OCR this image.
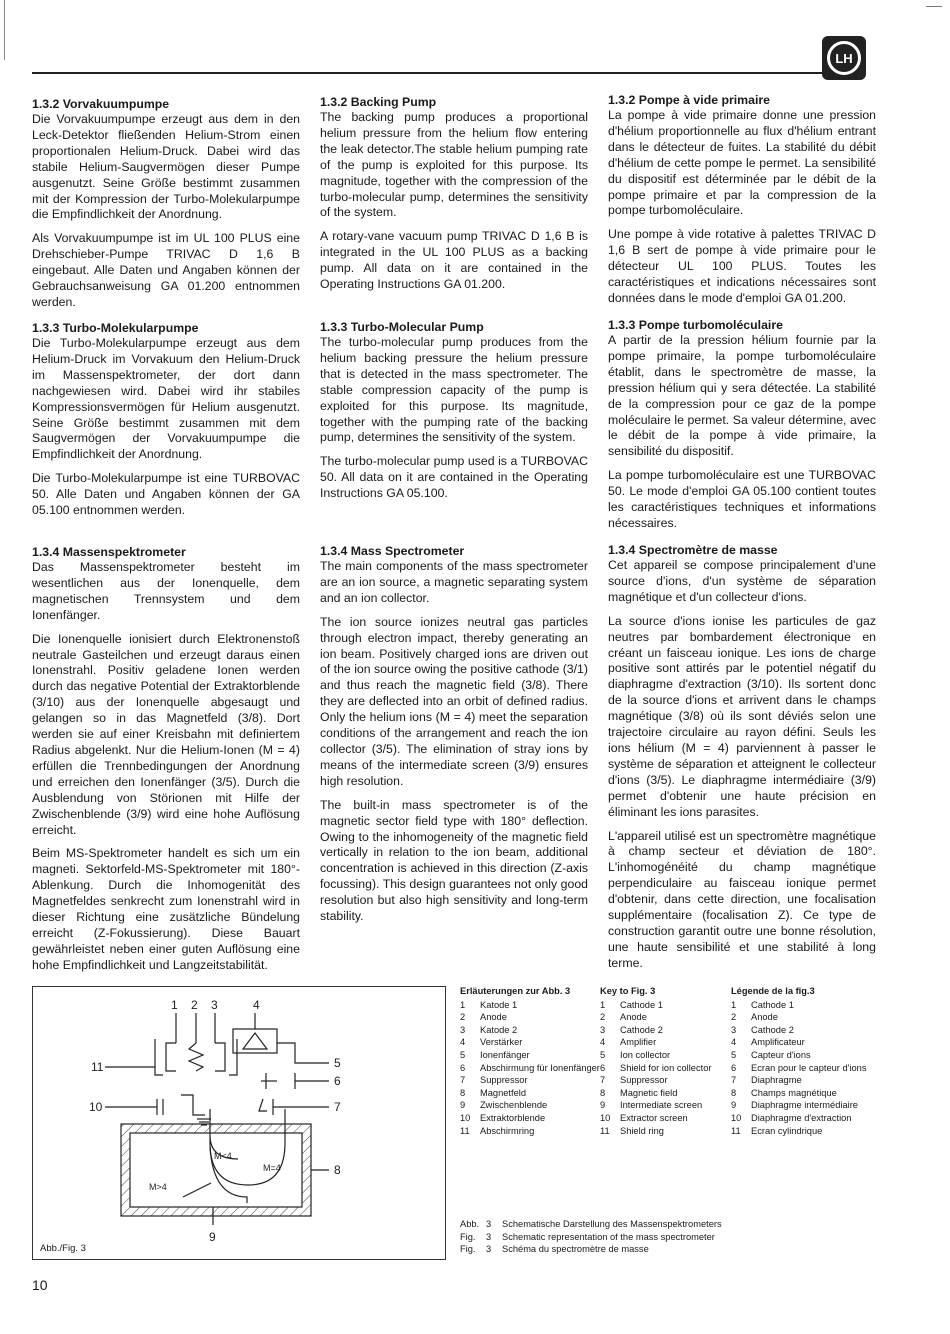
LH
1.3.2 Vorvakuumpumpe

Die Vorvakuumpumpe erzeugt aus dem in den Leck-Detektor fließenden Helium-Strom einen proportionalen Helium-Druck. Dabei wird das stabile Helium-Saugvermögen dieser Pumpe ausgenutzt. Seine Größe bestimmt zusammen mit der Kompression der Turbo-Molekularpumpe die Empfindlichkeit der Anordnung.

Als Vorvakuumpumpe ist im UL 100 PLUS eine Drehschieber-Pumpe TRIVAC D 1,6 B eingebaut. Alle Daten und Angaben können der Gebrauchsanweisung GA 01.200 entnommen werden.

1.3.3 Turbo-Molekularpumpe

Die Turbo-Molekularpumpe erzeugt aus dem Helium-Druck im Vorvakuum den Helium-Druck im Massenspektrometer, der dort dann nachgewiesen wird. Dabei wird ihr stabiles Kompressionsvermögen für Helium ausgenutzt. Seine Größe bestimmt zusammen mit dem Saugvermögen der Vorvakuumpumpe die Empfindlichkeit der Anordnung.

Die Turbo-Molekularpumpe ist eine TURBOVAC 50. Alle Daten und Angaben können der GA 05.100 entnommen werden.

1.3.4 Massenspektrometer

Das Massenspektrometer besteht im wesentlichen aus der Ionenquelle, dem magnetischen Trennsystem und dem Ionenfänger.

Die Ionenquelle ionisiert durch Elektronenstoß neutrale Gasteilchen und erzeugt daraus einen Ionenstrahl. Positiv geladene Ionen werden durch das negative Potential der Extraktorblende (3/10) aus der Ionenquelle abgesaugt und gelangen so in das Magnetfeld (3/8). Dort werden sie auf einer Kreisbahn mit definiertem Radius abgelenkt. Nur die Helium-Ionen (M = 4) erfüllen die Trennbedingungen der Anordnung und erreichen den Ionenfänger (3/5). Durch die Ausblendung von Störionen mit Hilfe der Zwischenblende (3/9) wird eine hohe Auflösung erreicht.

Beim MS-Spektrometer handelt es sich um ein magneti. Sektorfeld-MS-Spektrometer mit 180°-Ablenkung. Durch die Inhomogenität des Magnetfeldes senkrecht zum Ionenstrahl wird in dieser Richtung eine zusätzliche Bündelung erreicht (Z-Fokussierung). Diese Bauart gewährleistet neben einer guten Auflösung eine hohe Empfindlichkeit und Langzeitstabilität.

1.3.2 Backing Pump

The backing pump produces a proportional helium pressure from the helium flow entering the leak detector.The stable helium pumping rate of the pump is exploited for this purpose. Its magnitude, together with the compression of the turbo-molecular pump, determines the sensitivity of the system.

A rotary-vane vacuum pump TRIVAC D 1,6 B is integrated in the UL 100 PLUS as a backing pump. All data on it are contained in the Operating Instructions GA 01.200.

1.3.3 Turbo-Molecular Pump

The turbo-molecular pump produces from the helium backing pressure the helium pressure that is detected in the mass spectrometer. The stable compression capacity of the pump is exploited for this purpose. Its magnitude, together with the pumping rate of the backing pump, determines the sensitivity of the system.

The turbo-molecular pump used is a TURBOVAC 50. All data on it are contained in the Operating Instructions GA 05.100.

1.3.4 Mass Spectrometer

The main components of the mass spectrometer are an ion source, a magnetic separating system and an ion collector.

The ion source ionizes neutral gas particles through electron impact, thereby generating an ion beam. Positively charged ions are driven out of the ion source owing the positive cathode (3/1) and thus reach the magnetic field (3/8). There they are deflected into an orbit of defined radius. Only the helium ions (M = 4) meet the separation conditions of the arrangement and reach the ion collector (3/5). The elimination of stray ions by means of the intermediate screen (3/9) ensures high resolution.

The built-in mass spectrometer is of the magnetic sector field type with 180° deflection. Owing to the inhomogeneity of the magnetic field vertically in relation to the ion beam, additional concentration is achieved in this direction (Z-axis focussing). This design guarantees not only good resolution but also high sensitivity and long-term stability.

1.3.2 Pompe à vide primaire

La pompe à vide primaire donne une pression d'hélium proportionnelle au flux d'hélium entrant dans le détecteur de fuites. La stabilité du débit d'hélium de cette pompe le permet. La sensibilité du dispositif est déterminée par le débit de la pompe primaire et par la compression de la pompe turbomoléculaire.

Une pompe à vide rotative à palettes TRIVAC D 1,6 B sert de pompe à vide primaire pour le détecteur UL 100 PLUS. Toutes les caractéristiques et indications nécessaires sont données dans le mode d'emploi GA 01.200.

1.3.3 Pompe turbomoléculaire

A partir de la pression hélium fournie par la pompe primaire, la pompe turbomoléculaire établit, dans le spectromètre de masse, la pression hélium qui y sera détectée. La stabilité de la compression pour ce gaz de la pompe moléculaire le permet. Sa valeur détermine, avec le débit de la pompe à vide primaire, la sensibilité du dispositif.

La pompe turbomoléculaire est une TURBOVAC 50. Le mode d'emploi GA 05.100 contient toutes les caractéristiques techniques et informations nécessaires.

1.3.4 Spectromètre de masse

Cet appareil se compose principalement d'une source d'ions, d'un système de séparation magnétique et d'un collecteur d'ions.

La source d'ions ionise les particules de gaz neutres par bombardement électronique en créant un faisceau ionique. Les ions de charge positive sont attirés par le potentiel négatif du diaphragme d'extraction (3/10). Ils sortent donc de la source d'ions et arrivent dans le champs magnétique (3/8) où ils sont déviés selon une trajectoire circulaire au rayon défini. Seuls les ions hélium (M = 4) parviennent à passer le système de séparation et atteignent le collecteur d'ions (3/5). Le diaphragme intermédiaire (3/9) permet d'obtenir une haute précision en éliminant les ions parasites.

L'appareil utilisé est un spectromètre magnétique à champ secteur et déviation de 180°. L'inhomogénéité du champ magnétique perpendiculaire au faisceau ionique permet d'obtenir, dans cette direction, une focalisation supplémentaire (focalisation Z). Ce type de construction garantit outre une bonne résolution, une haute sensibilité et une stabilité à long terme.

1 2 3	4
5
6
7
8
9
10
11
M<4
M=4
M>4
Abb./Fig. 3
Erläuterungen zur Abb. 3
1	Katode 1
2	Anode
3	Katode 2
4	Verstärker
5	Ionenfänger
6	Abschirmung für Ionenfänger
7	Suppressor
8	Magnetfeld
9	Zwischenblende
10	Extraktorblende
11	Abschirmring
Key to Fig. 3
1	Cathode 1
2	Anode
3	Cathode 2
4	Amplifier
5	Ion collector
6	Shield for ion collector
7	Suppressor
8	Magnetic field
9	Intermediate screen
10	Extractor screen
11	Shield ring
Légende de la fig.3
1	Cathode 1
2	Anode
3	Cathode 2
4	Amplificateur
5	Capteur d'ions
6	Ecran pour le capteur d'ions
7	Diaphragme
8	Champs magnétique
9	Diaphragme intermédiaire
10	Diaphragme d'extraction
11	Ecran cylindrique
Abb. 3	Schematische Darstellung des Massenspektrometers
Fig.	3	Schematic representation of the mass spectrometer
Fig.	3	Schéma du spectromètre de masse
10
